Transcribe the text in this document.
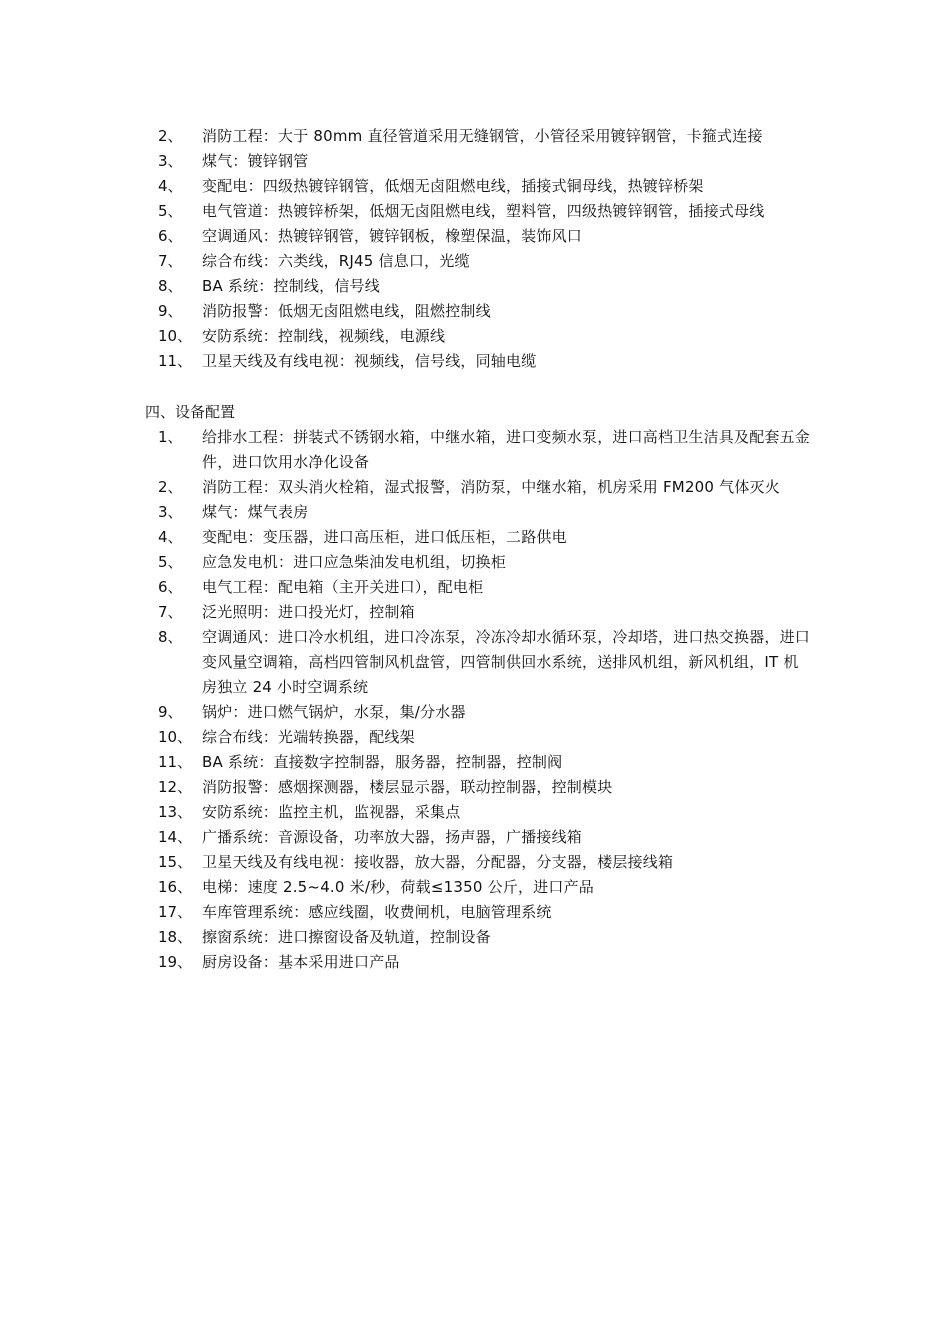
2、 消防工程：大于 80mm 直径管道采用无缝钢管，小管径采用镀锌钢管，卡箍式连接
3、 煤气：镀锌钢管
4、 变配电：四级热镀锌钢管，低烟无卤阻燃电线，插接式铜母线，热镀锌桥架
5、 电气管道：热镀锌桥架，低烟无卤阻燃电线，塑料管，四级热镀锌钢管，插接式母线
6、 空调通风：热镀锌钢管，镀锌钢板，橡塑保温，装饰风口
7、 综合布线：六类线，RJ45 信息口，光缆
8、 BA 系统：控制线，信号线
9、 消防报警：低烟无卤阻燃电线，阻燃控制线
10、 安防系统：控制线，视频线，电源线
11、 卫星天线及有线电视：视频线，信号线，同轴电缆
四、设备配置
1、 给排水工程：拼装式不锈钢水箱，中继水箱，进口变频水泵，进口高档卫生洁具及配套五金件，进口饮用水净化设备
2、 消防工程：双头消火栓箱，湿式报警，消防泵，中继水箱，机房采用 FM200 气体灭火
3、 煤气：煤气表房
4、 变配电：变压器，进口高压柜，进口低压柜，二路供电
5、 应急发电机：进口应急柴油发电机组，切换柜
6、 电气工程：配电箱（主开关进口），配电柜
7、 泛光照明：进口投光灯，控制箱
8、 空调通风：进口冷水机组，进口冷冻泵，冷冻冷却水循环泵，冷却塔，进口热交换器，进口变风量空调箱，高档四管制风机盘管，四管制供回水系统，送排风机组，新风机组，IT 机房独立 24 小时空调系统
9、 锅炉：进口燃气锅炉，水泵，集/分水器
10、 综合布线：光端转换器，配线架
11、 BA 系统：直接数字控制器，服务器，控制器，控制阀
12、 消防报警：感烟探测器，楼层显示器，联动控制器，控制模块
13、 安防系统：监控主机，监视器，采集点
14、 广播系统：音源设备，功率放大器，扬声器，广播接线箱
15、 卫星天线及有线电视：接收器，放大器，分配器，分支器，楼层接线箱
16、 电梯：速度 2.5~4.0 米/秒，荷载≤1350 公斤，进口产品
17、 车库管理系统：感应线圈，收费闸机，电脑管理系统
18、 擦窗系统：进口擦窗设备及轨道，控制设备
19、 厨房设备：基本采用进口产品
